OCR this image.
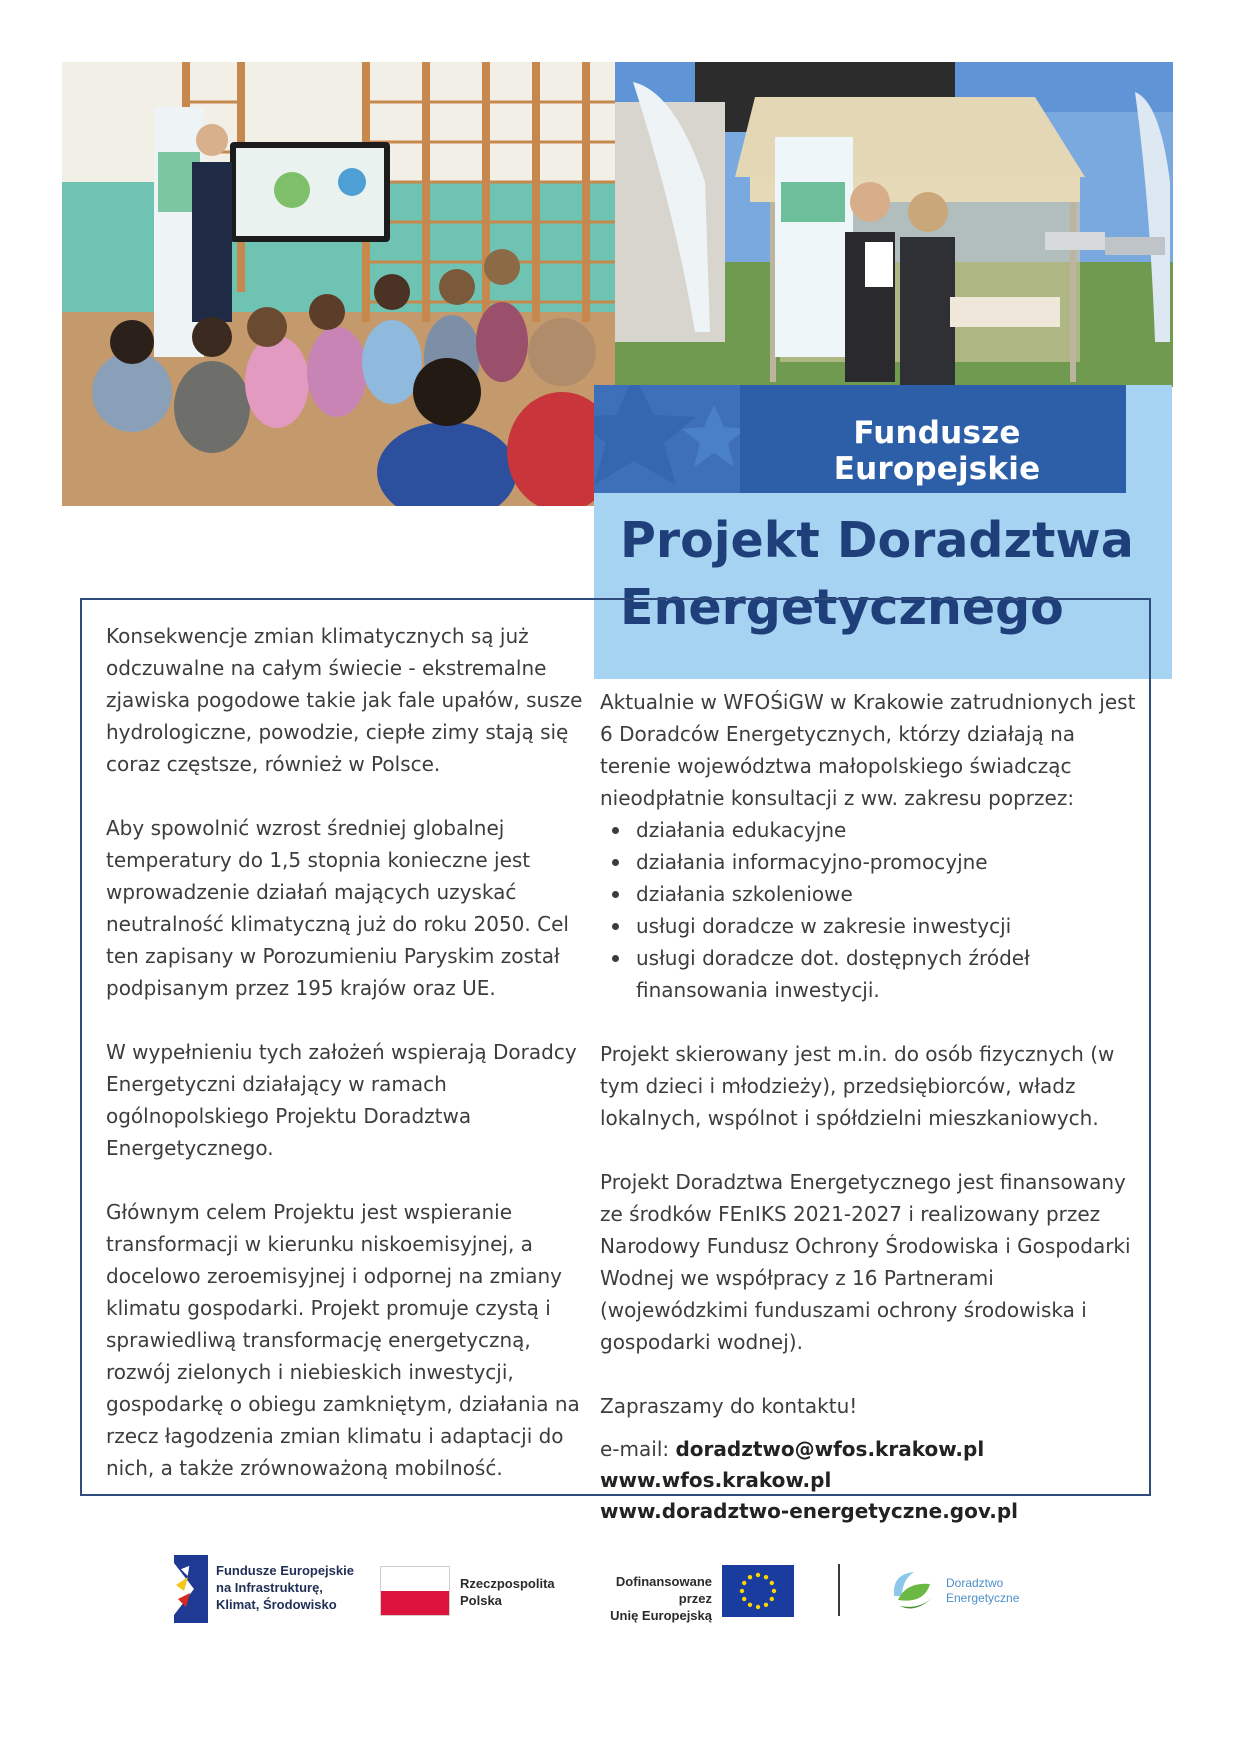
Fundusze Europejskie
Projekt Doradztwa Energetycznego

Konsekwencje zmian klimatycznych są już odczuwalne na całym świecie - ekstremalne zjawiska pogodowe takie jak fale upałów, susze hydrologiczne, powodzie, ciepłe zimy stają się coraz częstsze, również w Polsce.

Aby spowolnić wzrost średniej globalnej temperatury do 1,5 stopnia konieczne jest wprowadzenie działań mających uzyskać neutralność klimatyczną już do roku 2050. Cel ten zapisany w Porozumieniu Paryskim został podpisanym przez 195 krajów oraz UE.

W wypełnieniu tych założeń wspierają Doradcy Energetyczni działający w ramach ogólnopolskiego Projektu Doradztwa Energetycznego.

Głównym celem Projektu jest wspieranie transformacji w kierunku niskoemisyjnej, a docelowo zeroemisyjnej i odpornej na zmiany klimatu gospodarki. Projekt promuje czystą i sprawiedliwą transformację energetyczną, rozwój zielonych i niebieskich inwestycji, gospodarkę o obiegu zamkniętym, działania na rzecz łagodzenia zmian klimatu i adaptacji do nich, a także zrównoważoną mobilność.

Aktualnie w WFOŚiGW w Krakowie zatrudnionych jest 6 Doradców Energetycznych, którzy działają na terenie województwa małopolskiego świadcząc nieodpłatnie konsultacji z ww. zakresu poprzez:

działania edukacyjne
działania informacyjno-promocyjne
działania szkoleniowe
usługi doradcze w zakresie inwestycji
usługi doradcze dot. dostępnych źródeł finansowania inwestycji.

Projekt skierowany jest m.in. do osób fizycznych (w tym dzieci i młodzieży), przedsiębiorców, władz lokalnych, wspólnot i spółdzielni mieszkaniowych.

Projekt Doradztwa Energetycznego jest finansowany ze środków FEnIKS 2021-2027 i realizowany przez Narodowy Fundusz Ochrony Środowiska i Gospodarki Wodnej we współpracy z 16 Partnerami (wojewódzkimi funduszami ochrony środowiska i gospodarki wodnej).

Zapraszamy do kontaktu!

e-mail: doradztwo@wfos.krakow.pl
www.wfos.krakow.pl
www.doradztwo-energetyczne.gov.pl
Fundusze Europejskie
na Infrastrukturę,
Klimat, Środowisko
Rzeczpospolita
Polska
Dofinansowane przez
Unię Europejską
Doradztwo
Energetyczne
